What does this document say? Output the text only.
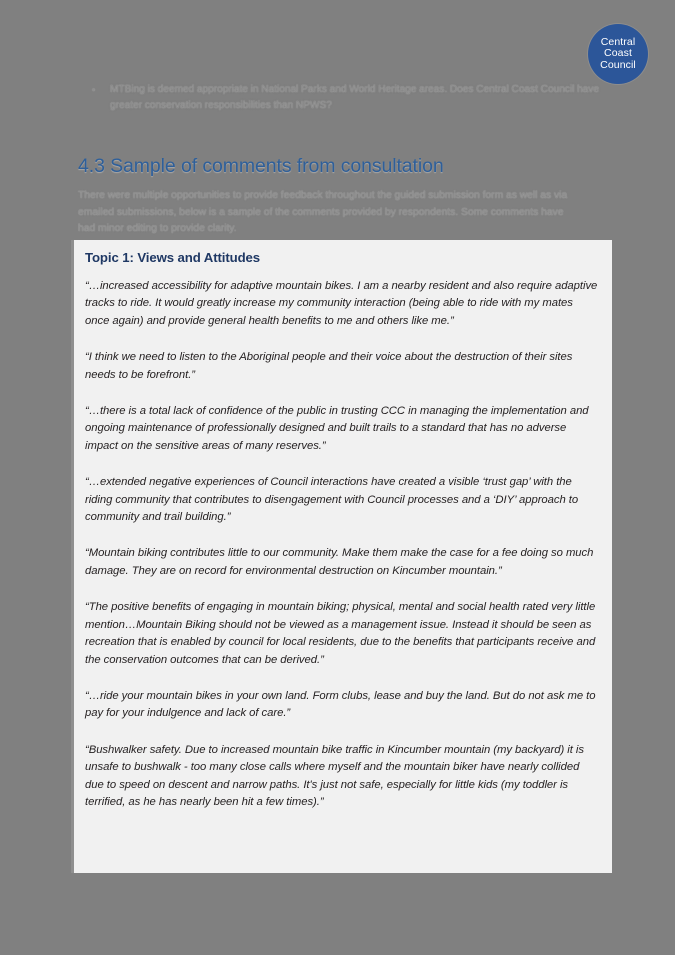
Central
Coast
Council
•	MTBing is deemed appropriate in National Parks and World Heritage areas. Does Central Coast Council have greater conservation responsibilities than NPWS?
4.3 Sample of comments from consultation

There were multiple opportunities to provide feedback throughout the guided submission form as well as via emailed submissions, below is a sample of the comments provided by respondents. Some comments have had minor editing to provide clarity.

Topic 1: Views and Attitudes

“…increased accessibility for adaptive mountain bikes. I am a nearby resident and also require adaptive tracks to ride. It would greatly increase my community interaction (being able to ride with my mates once again) and provide general health benefits to me and others like me.”

“I think we need to listen to the Aboriginal people and their voice about the destruction of their sites needs to be forefront.”

“…there is a total lack of confidence of the public in trusting CCC in managing the implementation and ongoing maintenance of professionally designed and built trails to a standard that has no adverse impact on the sensitive areas of many reserves.”

“…extended negative experiences of Council interactions have created a visible ‘trust gap’ with the riding community that contributes to disengagement with Council processes and a ‘DIY’ approach to community and trail building.”

“Mountain biking contributes little to our community. Make them make the case for a fee doing so much damage. They are on record for environmental destruction on Kincumber mountain.”

“The positive benefits of engaging in mountain biking; physical, mental and social health rated very little mention…Mountain Biking should not be viewed as a management issue. Instead it should be seen as recreation that is enabled by council for local residents, due to the benefits that participants receive and the conservation outcomes that can be derived.”

“…ride your mountain bikes in your own land. Form clubs, lease and buy the land. But do not ask me to pay for your indulgence and lack of care.”

“Bushwalker safety. Due to increased mountain bike traffic in Kincumber mountain (my backyard) it is unsafe to bushwalk - too many close calls where myself and the mountain biker have nearly collided due to speed on descent and narrow paths. It's just not safe, especially for little kids (my toddler is terrified, as he has nearly been hit a few times).”
